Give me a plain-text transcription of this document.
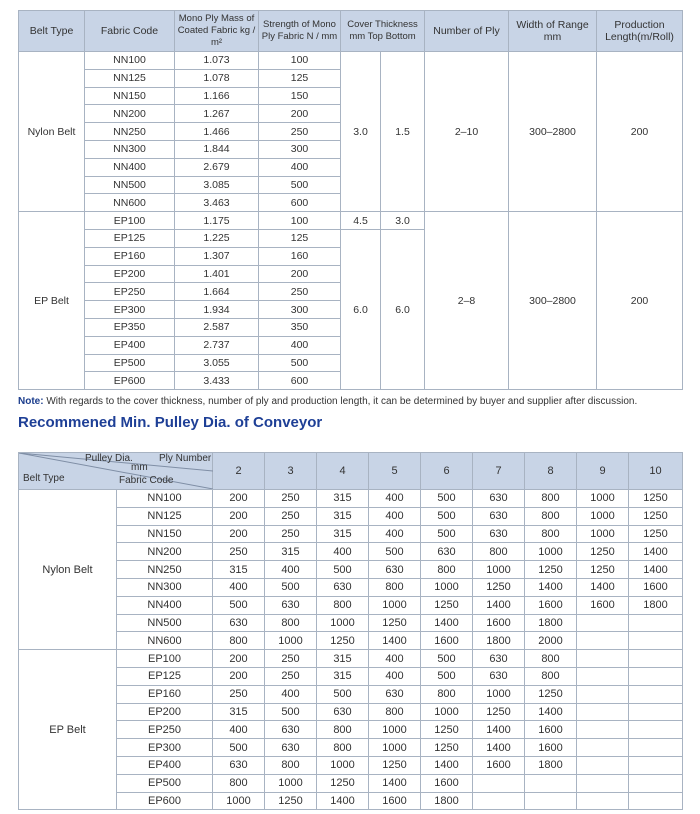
Belt Type	Fabric Code	Mono Ply Mass of Coated Fabric kg / m²	Strength of Mono Ply Fabric N / mm	Cover Thickness mm Top Bottom		Number of Ply	Width of Range mm	Production Length(m/Roll)
Nylon Belt	NN100	1.073	100	3.0	1.5	2–10	300–2800	200
	NN125	1.078	125					
	NN150	1.166	150					
	NN200	1.267	200					
	NN250	1.466	250					
	NN300	1.844	300					
	NN400	2.679	400					
	NN500	3.085	500					
	NN600	3.463	600					
EP Belt	EP100	1.175	100	4.5	3.0	2–8	300–2800	200
	EP125	1.225	125	6.0	6.0			
	EP160	1.307	160					
	EP200	1.401	200					
	EP250	1.664	250					
	EP300	1.934	300					
	EP350	2.587	350					
	EP400	2.737	400					
	EP500	3.055	500					
	EP600	3.433	600					
Note: With regards to the cover thickness, number of ply and production length, it can be determined by buyer and supplier after discussion.
Recommened Min. Pulley Dia. of Conveyor
Pulley Dia.
mm
Ply Number
Belt Type Fabric Code		2	3	4	5	6	7	8	9	10
Nylon Belt	NN100	200	250	315	400	500	630	800	1000	1250
	NN125	200	250	315	400	500	630	800	1000	1250
	NN150	200	250	315	400	500	630	800	1000	1250
	NN200	250	315	400	500	630	800	1000	1250	1400
	NN250	315	400	500	630	800	1000	1250	1250	1400
	NN300	400	500	630	800	1000	1250	1400	1400	1600
	NN400	500	630	800	1000	1250	1400	1600	1600	1800
	NN500	630	800	1000	1250	1400	1600	1800		
	NN600	800	1000	1250	1400	1600	1800	2000		
EP Belt	EP100	200	250	315	400	500	630	800		
	EP125	200	250	315	400	500	630	800		
	EP160	250	400	500	630	800	1000	1250		
	EP200	315	500	630	800	1000	1250	1400		
	EP250	400	630	800	1000	1250	1400	1600		
	EP300	500	630	800	1000	1250	1400	1600		
	EP400	630	800	1000	1250	1400	1600	1800		
	EP500	800	1000	1250	1400	1600				
	EP600	1000	1250	1400	1600	1800				
